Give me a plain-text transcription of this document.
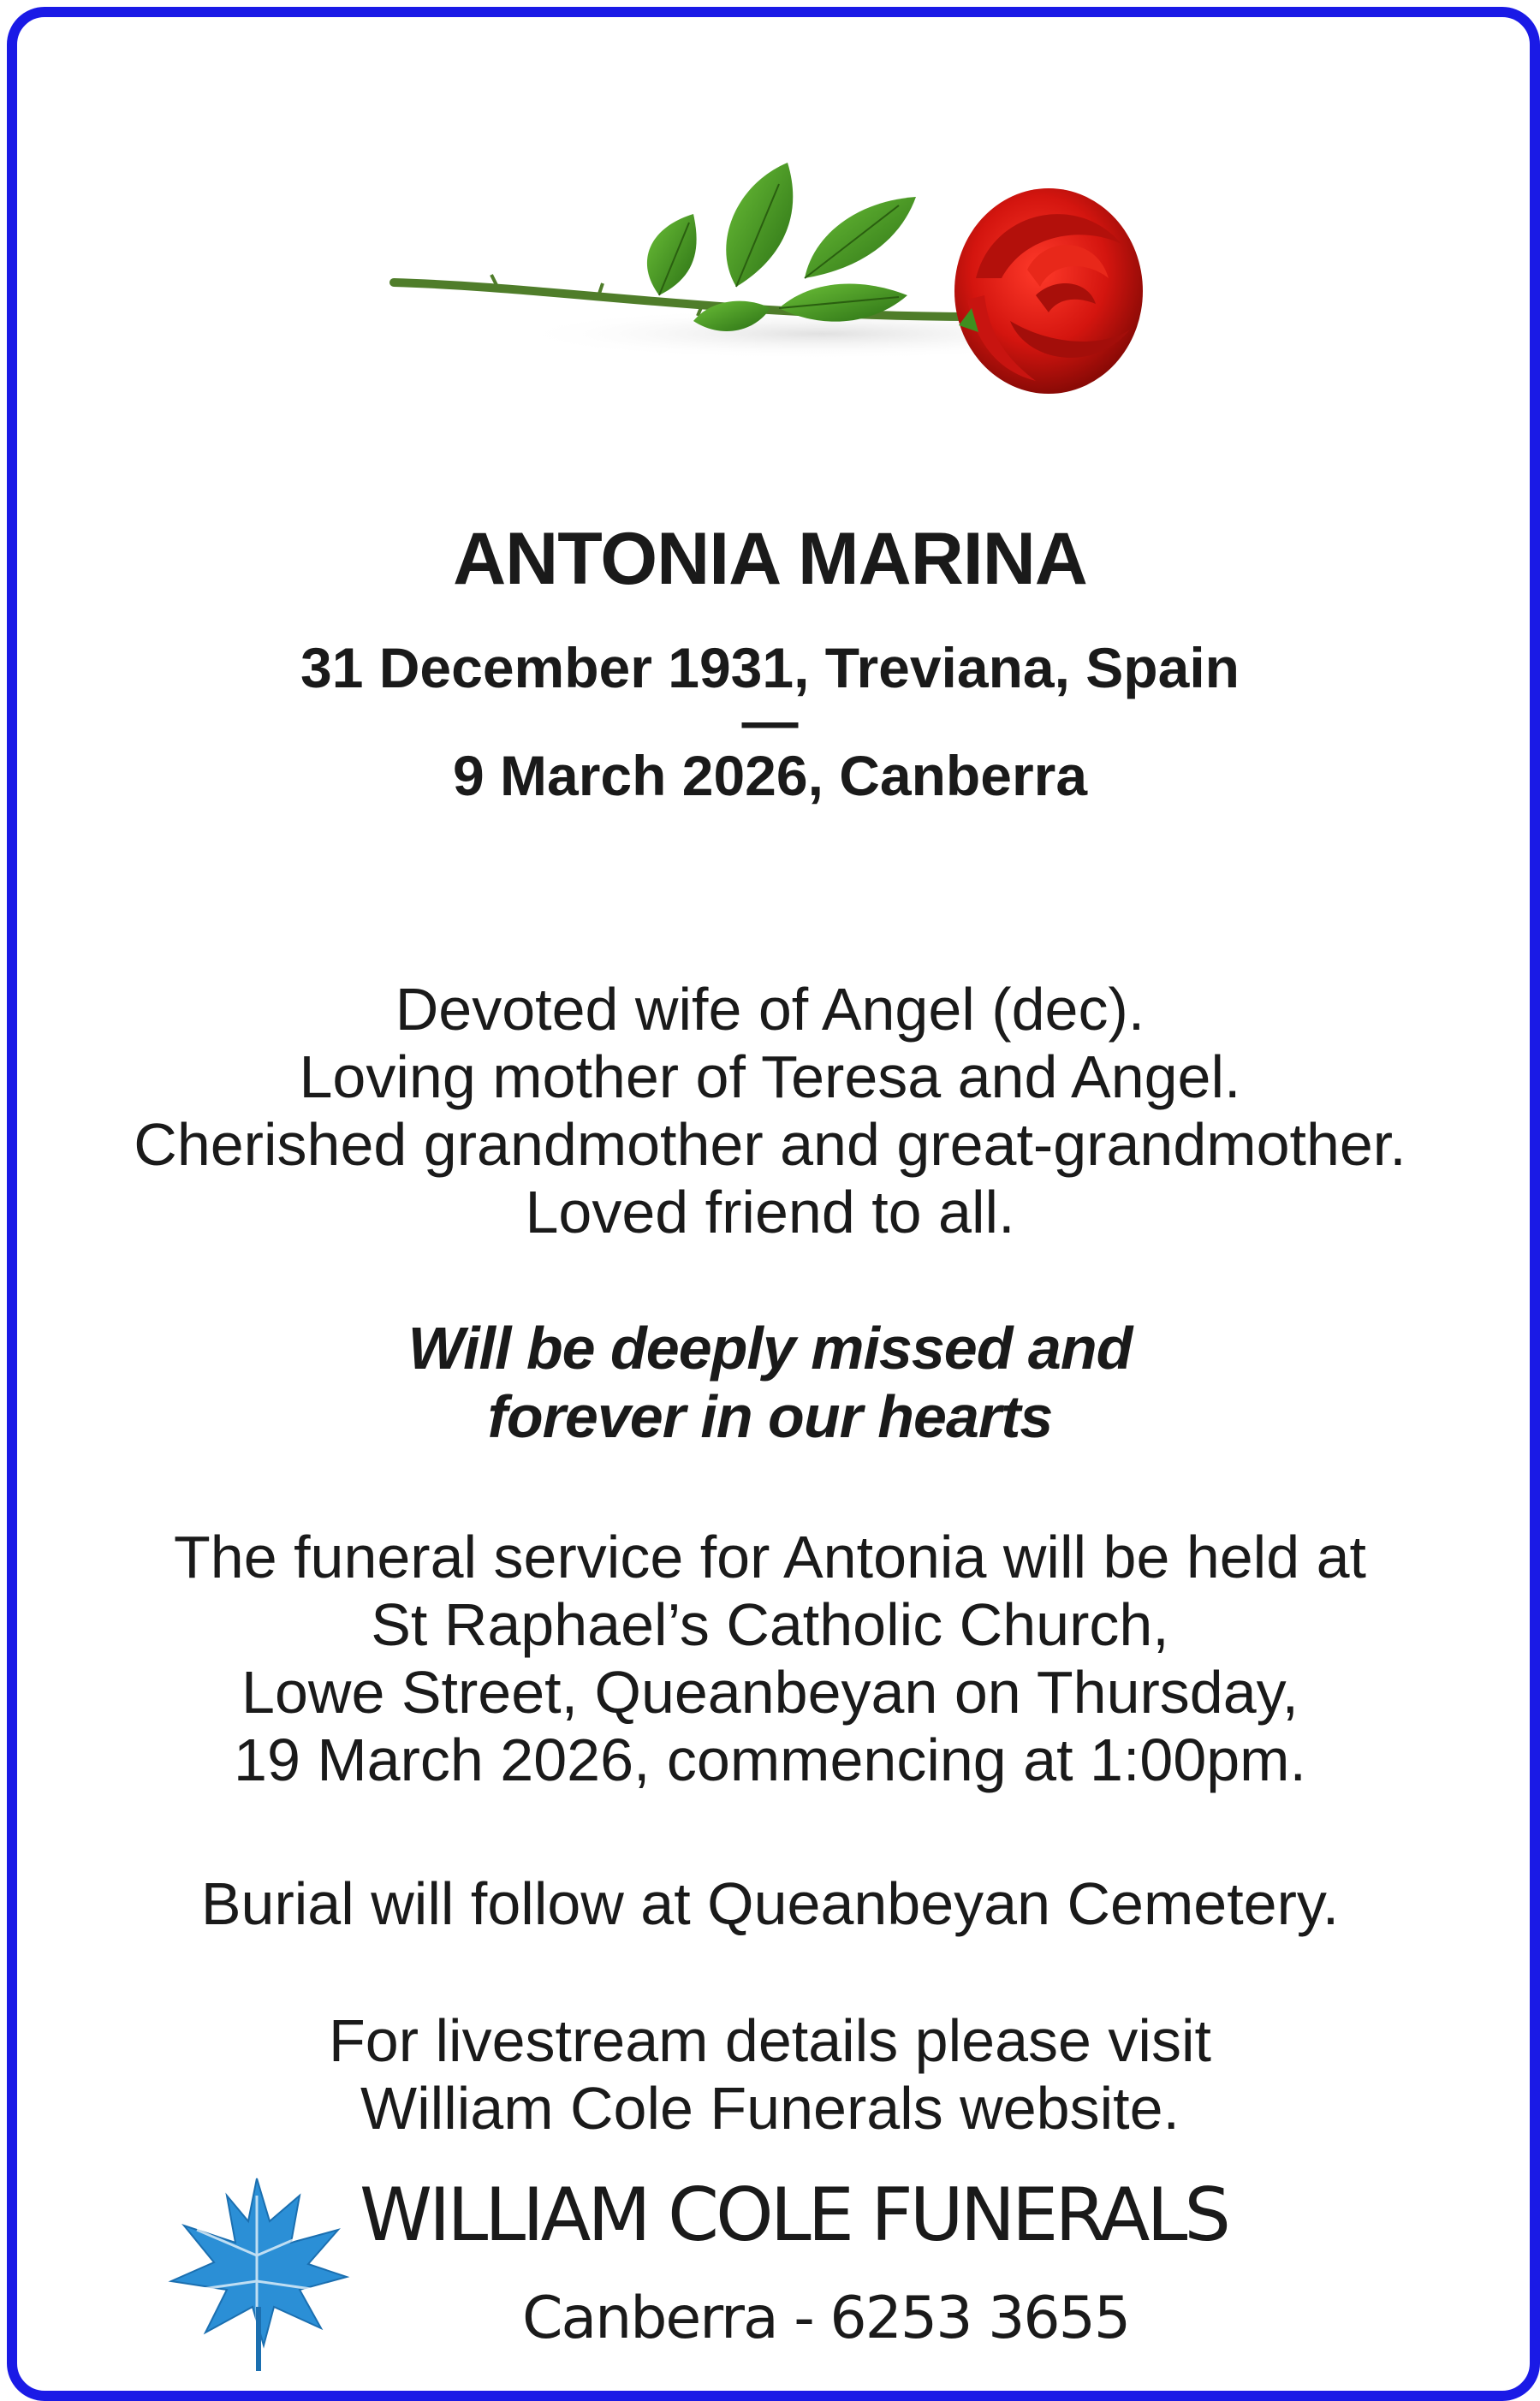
ANTONIA MARINA
31 December 1931, Treviana, Spain
—
9 March 2026, Canberra
Devoted wife of Angel (dec).
Loving mother of Teresa and Angel.
Cherished grandmother and great-grandmother.
Loved friend to all.
Will be deeply missed and
forever in our hearts
The funeral service for Antonia will be held at
St Raphael’s Catholic Church,
Lowe Street, Queanbeyan on Thursday,
19 March 2026, commencing at 1:00pm.
Burial will follow at Queanbeyan Cemetery.
For livestream details please visit
William Cole Funerals website.
WILLIAM COLE FUNERALS
Canberra - 6253 3655
